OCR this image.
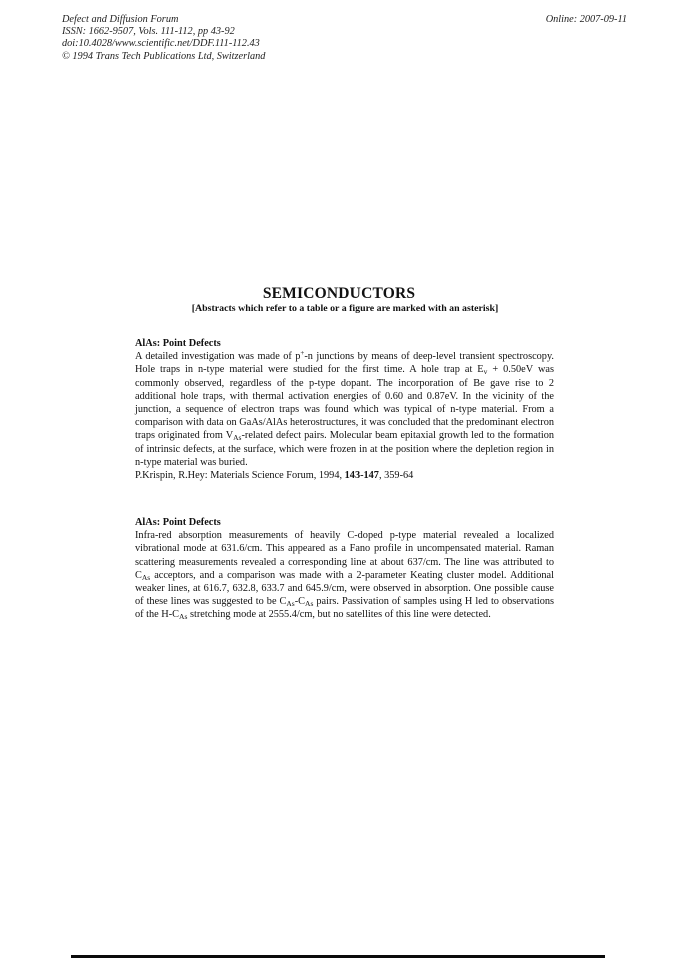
Defect and Diffusion Forum
ISSN: 1662-9507, Vols. 111-112, pp 43-92
doi:10.4028/www.scientific.net/DDF.111-112.43
© 1994 Trans Tech Publications Ltd, Switzerland
Online: 2007-09-11
SEMICONDUCTORS
[Abstracts which refer to a table or a figure are marked with an asterisk]
AlAs: Point Defects

A detailed investigation was made of p+-n junctions by means of deep-level transient spectroscopy. Hole traps in n-type material were studied for the first time. A hole trap at $E_v + 0.50eV$ was commonly observed, regardless of the p-type dopant. The incorporation of Be gave rise to 2 additional hole traps, with thermal activation energies of 0.60 and 0.87eV. In the vicinity of the junction, a sequence of electron traps was found which was typical of n-type material. From a comparison with data on GaAs/AlAs heterostructures, it was concluded that the predominant electron traps originated from $V_{As}$-related defect pairs. Molecular beam epitaxial growth led to the formation of intrinsic defects, at the surface, which were frozen in at the position where the depletion region in n-type material was buried.

P.Krispin, R.Hey: Materials Science Forum, 1994, 143-147, 359-64

AlAs: Point Defects

Infra-red absorption measurements of heavily C-doped p-type material revealed a localized vibrational mode at 631.6/cm. This appeared as a Fano profile in uncompensated material. Raman scattering measurements revealed a corresponding line at about 637/cm. The line was attributed to $C_{As}$ acceptors, and a comparison was made with a 2-parameter Keating cluster model. Additional weaker lines, at 616.7, 632.8, 633.7 and 645.9/cm, were observed in absorption. One possible cause of these lines was suggested to be $C_{As}-C_{As}$ pairs. Passivation of samples using H led to observations of the $H-C_{As}$ stretching mode at 2555.4/cm, but no satellites of this line were detected.
